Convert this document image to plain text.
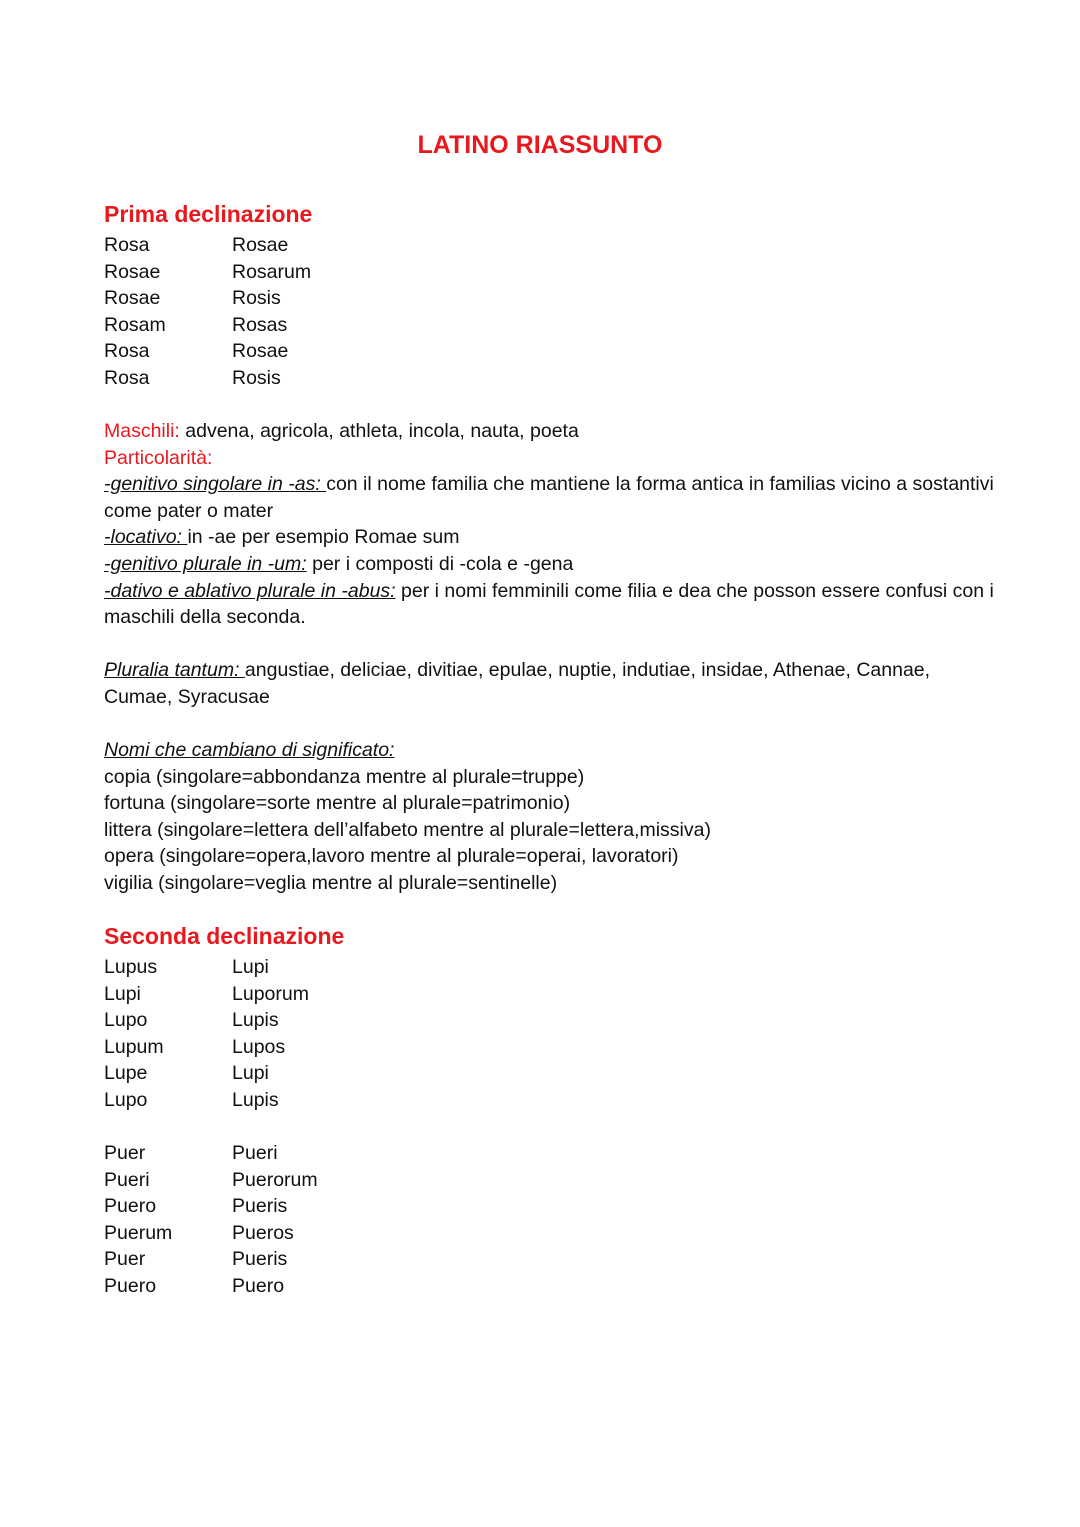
LATINO RIASSUNTO
Prima declinazione
Rosa	Rosae
Rosae	Rosarum
Rosae	Rosis
Rosam	Rosas
Rosa	Rosae
Rosa	Rosis

Maschili: advena, agricola, athleta, incola, nauta, poeta

Particolarità:

-genitivo singolare in -as: con il nome familia che mantiene la forma antica in familias vicino a sostantivi come pater o mater

-locativo: in -ae per esempio Romae sum

-genitivo plurale in -um: per i composti di -cola e -gena

-dativo e ablativo plurale in -abus: per i nomi femminili come filia e dea che posson essere confusi con i maschili della seconda.

Pluralia tantum: angustiae, deliciae, divitiae, epulae, nuptie, indutiae, insidae, Athenae, Cannae, Cumae, Syracusae

Nomi che cambiano di significato:

copia (singolare=abbondanza mentre al plurale=truppe)

fortuna (singolare=sorte mentre al plurale=patrimonio)

littera (singolare=lettera dell’alfabeto mentre al plurale=lettera,missiva)

opera (singolare=opera,lavoro mentre al plurale=operai, lavoratori)

vigilia (singolare=veglia mentre al plurale=sentinelle)

Seconda declinazione
Lupus	Lupi
Lupi	Luporum
Lupo	Lupis
Lupum	Lupos
Lupe	Lupi
Lupo	Lupis
Puer	Pueri
Pueri	Puerorum
Puero	Pueris
Puerum	Pueros
Puer	Pueris
Puero	Puero
